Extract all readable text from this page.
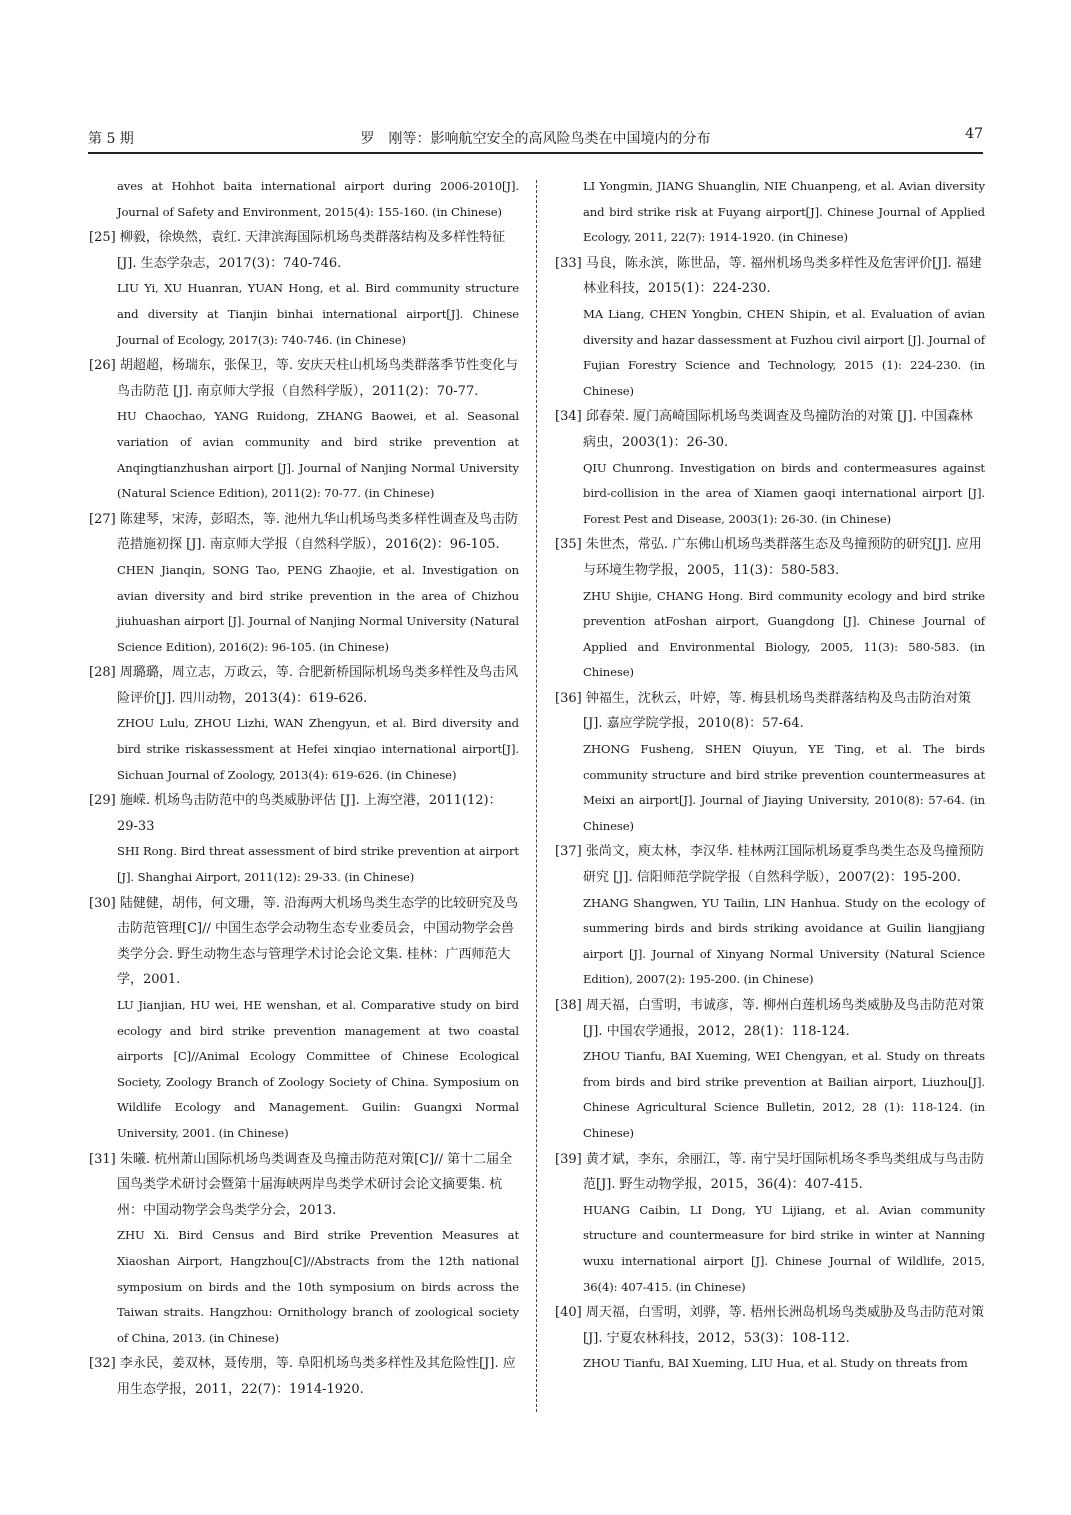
第 5 期	罗　刚等：影响航空安全的高风险鸟类在中国境内的分布	47
aves at Hohhot baita international airport during 2006-2010[J]. Journal of Safety and Environment, 2015(4): 155-160. (in Chinese)
[25] 柳毅，徐焕然，袁红. 天津滨海国际机场鸟类群落结构及多样性特征[J]. 生态学杂志，2017(3)：740-746.
LIU Yi, XU Huanran, YUAN Hong, et al. Bird community structure and diversity at Tianjin binhai international airport[J]. Chinese Journal of Ecology, 2017(3): 740-746. (in Chinese)
[26] 胡超超，杨瑞东，张保卫，等. 安庆天柱山机场鸟类群落季节性变化与鸟击防范 [J]. 南京师大学报（自然科学版），2011(2)：70-77.
HU Chaochao, YANG Ruidong, ZHANG Baowei, et al. Seasonal variation of avian community and bird strike prevention at Anqingtianzhushan airport [J]. Journal of Nanjing Normal University (Natural Science Edition), 2011(2): 70-77. (in Chinese)
[27] 陈建琴，宋涛，彭昭杰，等. 池州九华山机场鸟类多样性调查及鸟击防范措施初探 [J]. 南京师大学报（自然科学版），2016(2)：96-105.
CHEN Jianqin, SONG Tao, PENG Zhaojie, et al. Investigation on avian diversity and bird strike prevention in the area of Chizhou jiuhuashan airport [J]. Journal of Nanjing Normal University (Natural Science Edition), 2016(2): 96-105. (in Chinese)
[28] 周璐璐，周立志，万政云，等. 合肥新桥国际机场鸟类多样性及鸟击风险评价[J]. 四川动物，2013(4)：619-626.
ZHOU Lulu, ZHOU Lizhi, WAN Zhengyun, et al. Bird diversity and bird strike riskassessment at Hefei xinqiao international airport[J]. Sichuan Journal of Zoology, 2013(4): 619-626. (in Chinese)
[29] 施嵘. 机场鸟击防范中的鸟类威胁评估 [J]. 上海空港，2011(12)：29-33
SHI Rong. Bird threat assessment of bird strike prevention at airport [J]. Shanghai Airport, 2011(12): 29-33. (in Chinese)
[30] 陆健健，胡伟，何文珊，等. 沿海两大机场鸟类生态学的比较研究及鸟击防范管理[C]// 中国生态学会动物生态专业委员会，中国动物学会兽类学分会. 野生动物生态与管理学术讨论会论文集. 桂林：广西师范大学，2001.
LU Jianjian, HU wei, HE wenshan, et al. Comparative study on bird ecology and bird strike prevention management at two coastal airports [C]//Animal Ecology Committee of Chinese Ecological Society, Zoology Branch of Zoology Society of China. Symposium on Wildlife Ecology and Management. Guilin: Guangxi Normal University, 2001. (in Chinese)
[31] 朱曦. 杭州萧山国际机场鸟类调查及鸟撞击防范对策[C]// 第十二届全国鸟类学术研讨会暨第十届海峡两岸鸟类学术研讨会论文摘要集. 杭州：中国动物学会鸟类学分会，2013.
ZHU Xi. Bird Census and Bird strike Prevention Measures at Xiaoshan Airport, Hangzhou[C]//Abstracts from the 12th national symposium on birds and the 10th symposium on birds across the Taiwan straits. Hangzhou: Ornithology branch of zoological society of China, 2013. (in Chinese)
[32] 李永民，姜双林，聂传朋，等. 阜阳机场鸟类多样性及其危险性[J]. 应用生态学报，2011，22(7)：1914-1920.
LI Yongmin, JIANG Shuanglin, NIE Chuanpeng, et al. Avian diversity and bird strike risk at Fuyang airport[J]. Chinese Journal of Applied Ecology, 2011, 22(7): 1914-1920. (in Chinese)
[33] 马良，陈永滨，陈世品，等. 福州机场鸟类多样性及危害评价[J]. 福建林业科技，2015(1)：224-230.
MA Liang, CHEN Yongbin, CHEN Shipin, et al. Evaluation of avian diversity and hazar dassessment at Fuzhou civil airport [J]. Journal of Fujian Forestry Science and Technology, 2015 (1): 224-230. (in Chinese)
[34] 邱春荣. 厦门高崎国际机场鸟类调查及鸟撞防治的对策 [J]. 中国森林病虫，2003(1)：26-30.
QIU Chunrong. Investigation on birds and contermeasures against bird-collision in the area of Xiamen gaoqi international airport [J]. Forest Pest and Disease, 2003(1): 26-30. (in Chinese)
[35] 朱世杰，常弘. 广东佛山机场鸟类群落生态及鸟撞预防的研究[J]. 应用与环境生物学报，2005，11(3)：580-583.
ZHU Shijie, CHANG Hong. Bird community ecology and bird strike prevention atFoshan airport, Guangdong [J]. Chinese Journal of Applied and Environmental Biology, 2005, 11(3): 580-583. (in Chinese)
[36] 钟福生，沈秋云，叶婷，等. 梅县机场鸟类群落结构及鸟击防治对策[J]. 嘉应学院学报，2010(8)：57-64.
ZHONG Fusheng, SHEN Qiuyun, YE Ting, et al. The birds community structure and bird strike prevention countermeasures at Meixi an airport[J]. Journal of Jiaying University, 2010(8): 57-64. (in Chinese)
[37] 张尚文，庾太林，李汉华. 桂林两江国际机场夏季鸟类生态及鸟撞预防研究 [J]. 信阳师范学院学报（自然科学版），2007(2)：195-200.
ZHANG Shangwen, YU Tailin, LIN Hanhua. Study on the ecology of summering birds and birds striking avoidance at Guilin liangjiang airport [J]. Journal of Xinyang Normal University (Natural Science Edition), 2007(2): 195-200. (in Chinese)
[38] 周天福，白雪明，韦诚彦，等. 柳州白莲机场鸟类威胁及鸟击防范对策[J]. 中国农学通报，2012，28(1)：118-124.
ZHOU Tianfu, BAI Xueming, WEI Chengyan, et al. Study on threats from birds and bird strike prevention at Bailian airport, Liuzhou[J]. Chinese Agricultural Science Bulletin, 2012, 28 (1): 118-124. (in Chinese)
[39] 黄才斌，李东，余丽江，等. 南宁吴圩国际机场冬季鸟类组成与鸟击防范[J]. 野生动物学报，2015，36(4)：407-415.
HUANG Caibin, LI Dong, YU Lijiang, et al. Avian community structure and countermeasure for bird strike in winter at Nanning wuxu international airport [J]. Chinese Journal of Wildlife, 2015, 36(4): 407-415. (in Chinese)
[40] 周天福，白雪明，刘骅，等. 梧州长洲岛机场鸟类威胁及鸟击防范对策[J]. 宁夏农林科技，2012，53(3)：108-112.
ZHOU Tianfu, BAI Xueming, LIU Hua, et al. Study on threats from
